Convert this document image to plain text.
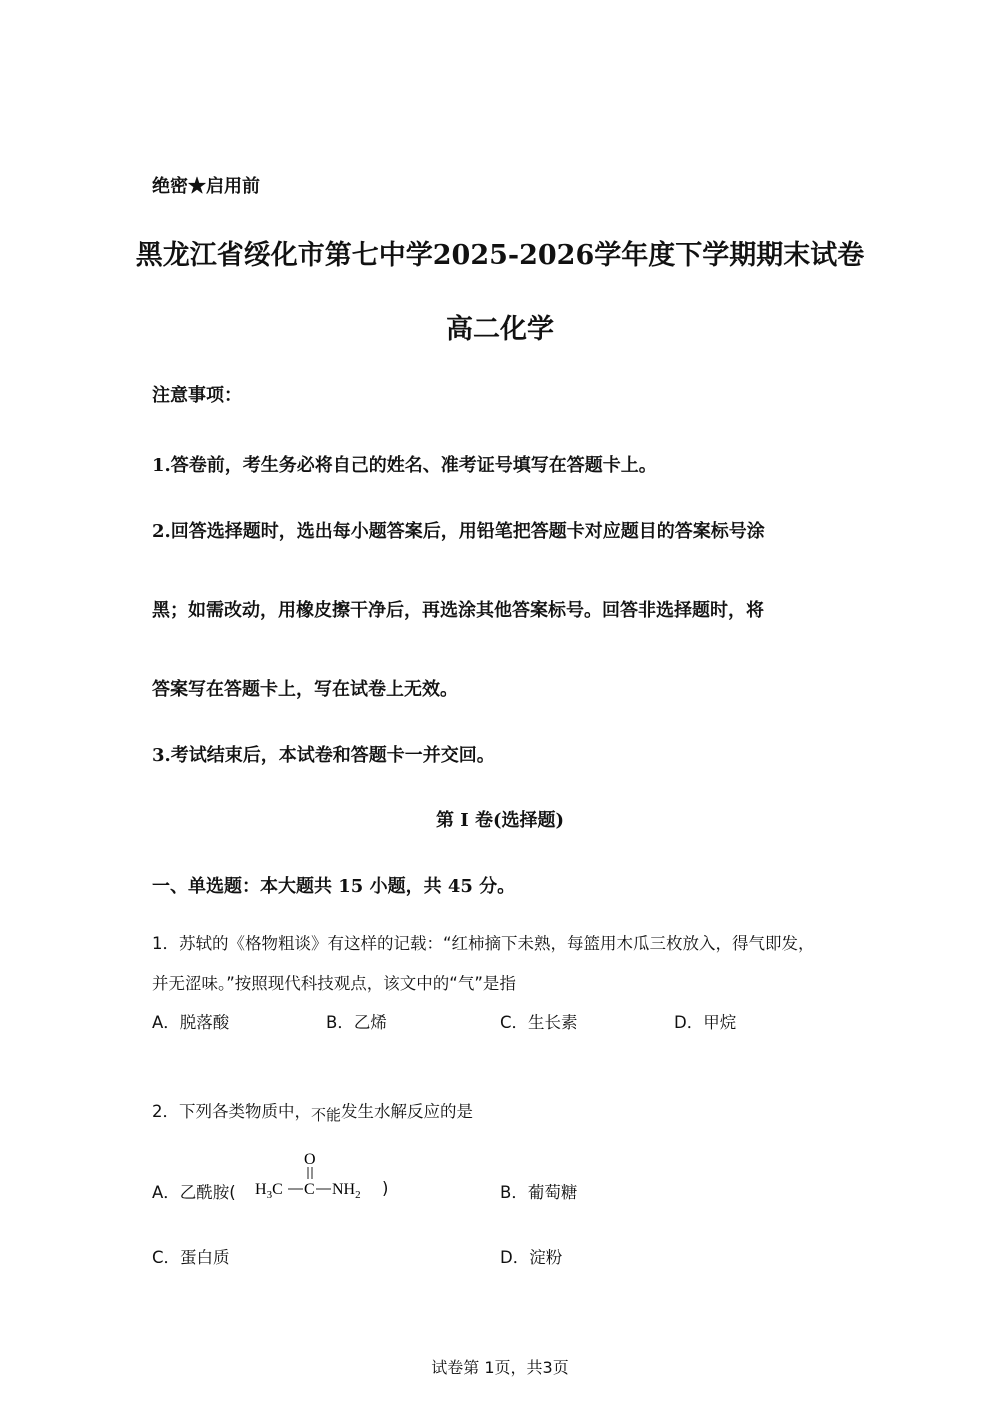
绝密★启用前
黑龙江省绥化市第七中学2025-2026学年度下学期期末试卷
高二化学
注意事项：
1.答卷前，考生务必将自己的姓名、准考证号填写在答题卡上。
2.回答选择题时，选出每小题答案后，用铅笔把答题卡对应题目的答案标号涂
黑；如需改动，用橡皮擦干净后，再选涂其他答案标号。回答非选择题时，将
答案写在答题卡上，写在试卷上无效。
3.考试结束后，本试卷和答题卡一并交回。
第 I 卷(选择题)
一、单选题：本大题共 15 小题，共 45 分。
1．苏轼的《格物粗谈》有这样的记载：“红柿摘下未熟，每篮用木瓜三枚放入，得气即发，
并无涩味。”按照现代科技观点，该文中的“气”是指
A．脱落酸	B．乙烯	C．生长素	D．甲烷
2．下列各类物质中，不能发生水解反应的是
A．乙酰胺(
O
$H_3C$ C $NH_2$ )	B．葡萄糖
C．蛋白质	D．淀粉
试卷第 1页，共3页
